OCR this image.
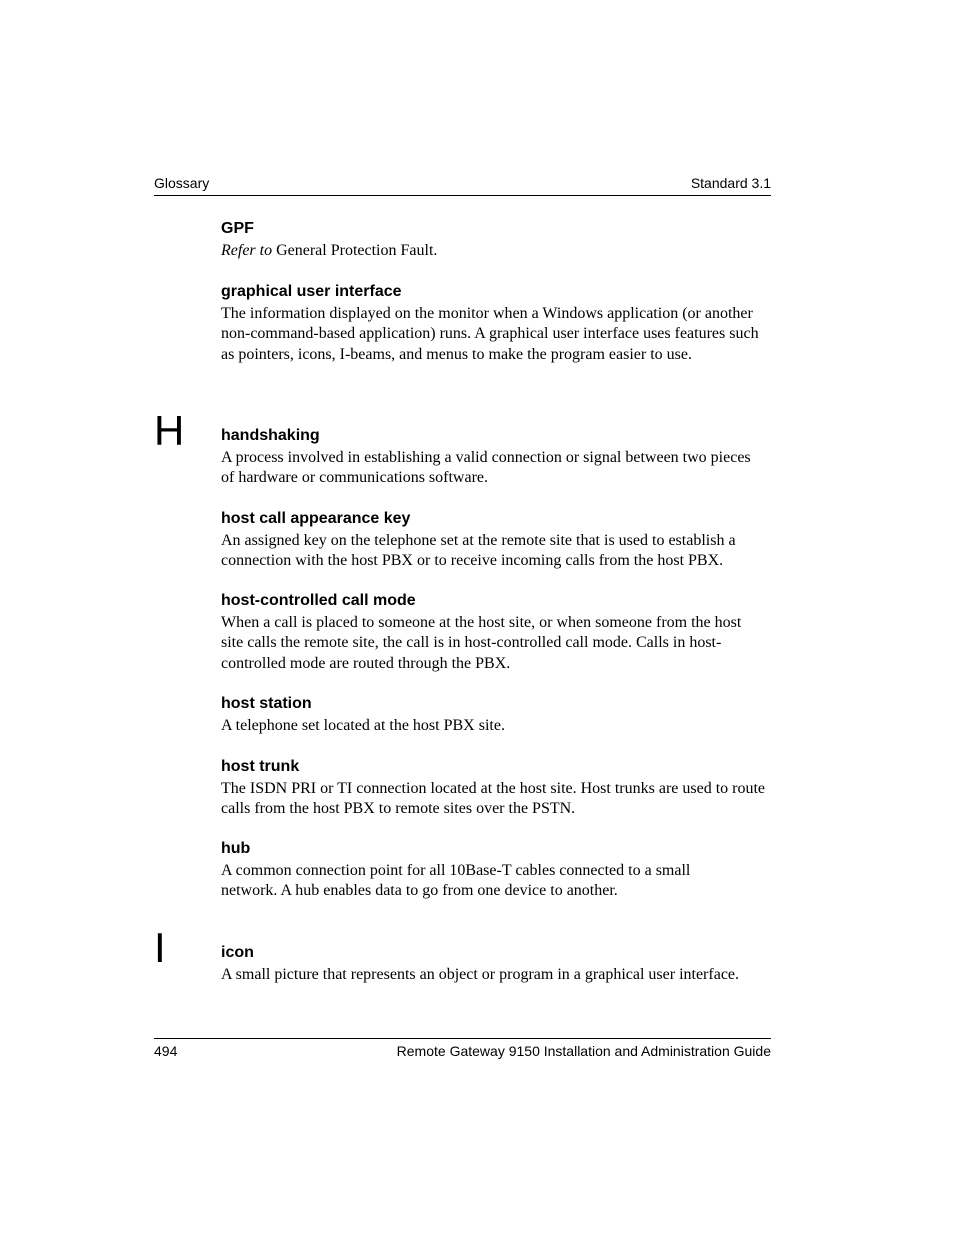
Glossary	Standard 3.1
GPF

Refer to General Protection Fault.

graphical user interface

The information displayed on the monitor when a Windows application (or another non-command-based application) runs. A graphical user interface uses features such as pointers, icons, I-beams, and menus to make the program easier to use.

H handshaking

A process involved in establishing a valid connection or signal between two pieces of hardware or communications software.

host call appearance key

An assigned key on the telephone set at the remote site that is used to establish a connection with the host PBX or to receive incoming calls from the host PBX.

host-controlled call mode

When a call is placed to someone at the host site, or when someone from the host site calls the remote site, the call is in host-controlled call mode. Calls in host-controlled mode are routed through the PBX.

host station

A telephone set located at the host PBX site.

host trunk

The ISDN PRI or TI connection located at the host site. Host trunks are used to route calls from the host PBX to remote sites over the PSTN.

hub

A common connection point for all 10Base-T cables connected to a small network. A hub enables data to go from one device to another.

I	icon

A small picture that represents an object or program in a graphical user interface.

494	Remote Gateway 9150 Installation and Administration Guide
